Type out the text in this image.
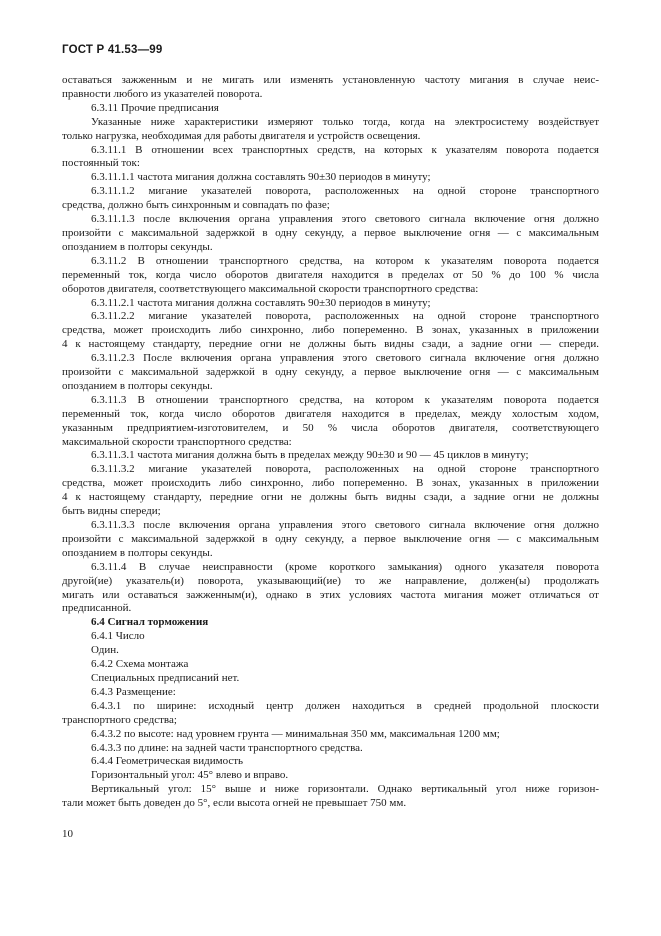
ГОСТ Р 41.53—99

оставаться зажженным и не мигать или изменять установленную частоту мигания в случае неис-

правности любого из указателей поворота.

6.3.11 Прочие предписания

Указанные ниже характеристики измеряют только тогда, когда на электросистему воздействует

только нагрузка, необходимая для работы двигателя и устройств освещения.

6.3.11.1 В отношении всех транспортных средств, на которых к указателям поворота подается

постоянный ток:

6.3.11.1.1 частота мигания должна составлять 90±30 периодов в минуту;

6.3.11.1.2 мигание указателей поворота, расположенных на одной стороне транспортного

средства, должно быть синхронным и совпадать по фазе;

6.3.11.1.3 после включения органа управления этого светового сигнала включение огня должно

произойти с максимальной задержкой в одну секунду, а первое выключение огня — с максимальным

опозданием в полторы секунды.

6.3.11.2 В отношении транспортного средства, на котором к указателям поворота подается

переменный ток, когда число оборотов двигателя находится в пределах от 50 % до 100 % числа

оборотов двигателя, соответствующего максимальной скорости транспортного средства:

6.3.11.2.1 частота мигания должна составлять 90±30 периодов в минуту;

6.3.11.2.2 мигание указателей поворота, расположенных на одной стороне транспортного

средства, может происходить либо синхронно, либо попеременно. В зонах, указанных в приложении

4 к настоящему стандарту, передние огни не должны быть видны сзади, а задние огни — спереди.

6.3.11.2.3 После включения органа управления этого светового сигнала включение огня должно

произойти с максимальной задержкой в одну секунду, а первое выключение огня — с максимальным

опозданием в полторы секунды.

6.3.11.3 В отношении транспортного средства, на котором к указателям поворота подается

переменный ток, когда число оборотов двигателя находится в пределах, между холостым ходом,

указанным предприятием-изготовителем, и 50 % числа оборотов двигателя, соответствующего

максимальной скорости транспортного средства:

6.3.11.3.1 частота мигания должна быть в пределах между 90±30 и 90 — 45 циклов в минуту;

6.3.11.3.2 мигание указателей поворота, расположенных на одной стороне транспортного

средства, может происходить либо синхронно, либо попеременно. В зонах, указанных в приложении

4 к настоящему стандарту, передние огни не должны быть видны сзади, а задние огни не должны

быть видны спереди;

6.3.11.3.3 после включения органа управления этого светового сигнала включение огня должно

произойти с максимальной задержкой в одну секунду, а первое выключение огня — с максимальным

опозданием в полторы секунды.

6.3.11.4 В случае неисправности (кроме короткого замыкания) одного указателя поворота

другой(ие) указатель(и) поворота, указывающий(ие) то же направление, должен(ы) продолжать

мигать или оставаться зажженным(и), однако в этих условиях частота мигания может отличаться от

предписанной.

6.4 Сигнал торможения

6.4.1 Число

Один.

6.4.2 Схема монтажа

Специальных предписаний нет.

6.4.3 Размещение:

6.4.3.1 по ширине: исходный центр должен находиться в средней продольной плоскости

транспортного средства;

6.4.3.2 по высоте: над уровнем грунта — минимальная 350 мм, максимальная 1200 мм;

6.4.3.3 по длине: на задней части транспортного средства.

6.4.4 Геометрическая видимость

Горизонтальный угол: 45° влево и вправо.

Вертикальный угол: 15° выше и ниже горизонтали. Однако вертикальный угол ниже горизон-

тали может быть доведен до 5°, если высота огней не превышает 750 мм.

10
